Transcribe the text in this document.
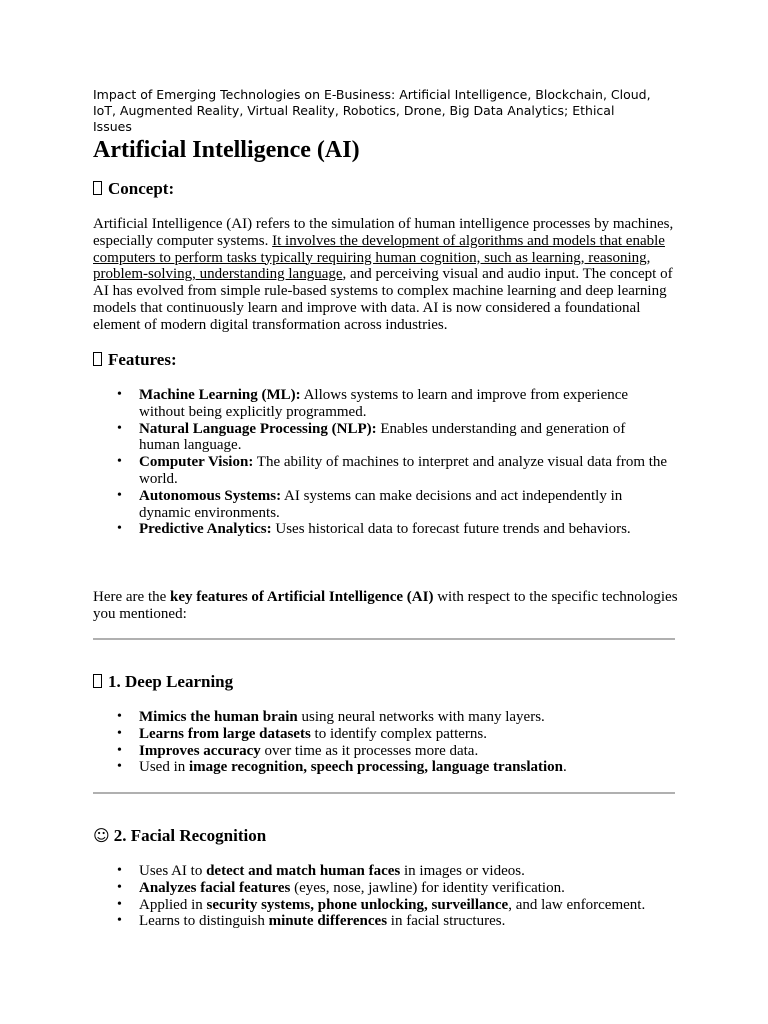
Impact of Emerging Technologies on E-Business: Artificial Intelligence, Blockchain, Cloud, IoT, Augmented Reality, Virtual Reality, Robotics, Drone, Big Data Analytics; Ethical Issues
Artificial Intelligence (AI)
Concept:

Artificial Intelligence (AI) refers to the simulation of human intelligence processes by machines, especially computer systems. It involves the development of algorithms and models that enable computers to perform tasks typically requiring human cognition, such as learning, reasoning, problem-solving, understanding language, and perceiving visual and audio input. The concept of AI has evolved from simple rule-based systems to complex machine learning and deep learning models that continuously learn and improve with data. AI is now considered a foundational element of modern digital transformation across industries.

Features:
• Machine Learning (ML): Allows systems to learn and improve from experience without being explicitly programmed.
• Natural Language Processing (NLP): Enables understanding and generation of human language.
• Computer Vision: The ability of machines to interpret and analyze visual data from the world.
• Autonomous Systems: AI systems can make decisions and act independently in dynamic environments.
• Predictive Analytics: Uses historical data to forecast future trends and behaviors.

Here are the key features of Artificial Intelligence (AI) with respect to the specific technologies you mentioned:

1. Deep Learning
• Mimics the human brain using neural networks with many layers.
• Learns from large datasets to identify complex patterns.
• Improves accuracy over time as it processes more data.
• Used in image recognition, speech processing, language translation.
☺ 2. Facial Recognition
• Uses AI to detect and match human faces in images or videos.
• Analyzes facial features (eyes, nose, jawline) for identity verification.
• Applied in security systems, phone unlocking, surveillance, and law enforcement.
• Learns to distinguish minute differences in facial structures.
